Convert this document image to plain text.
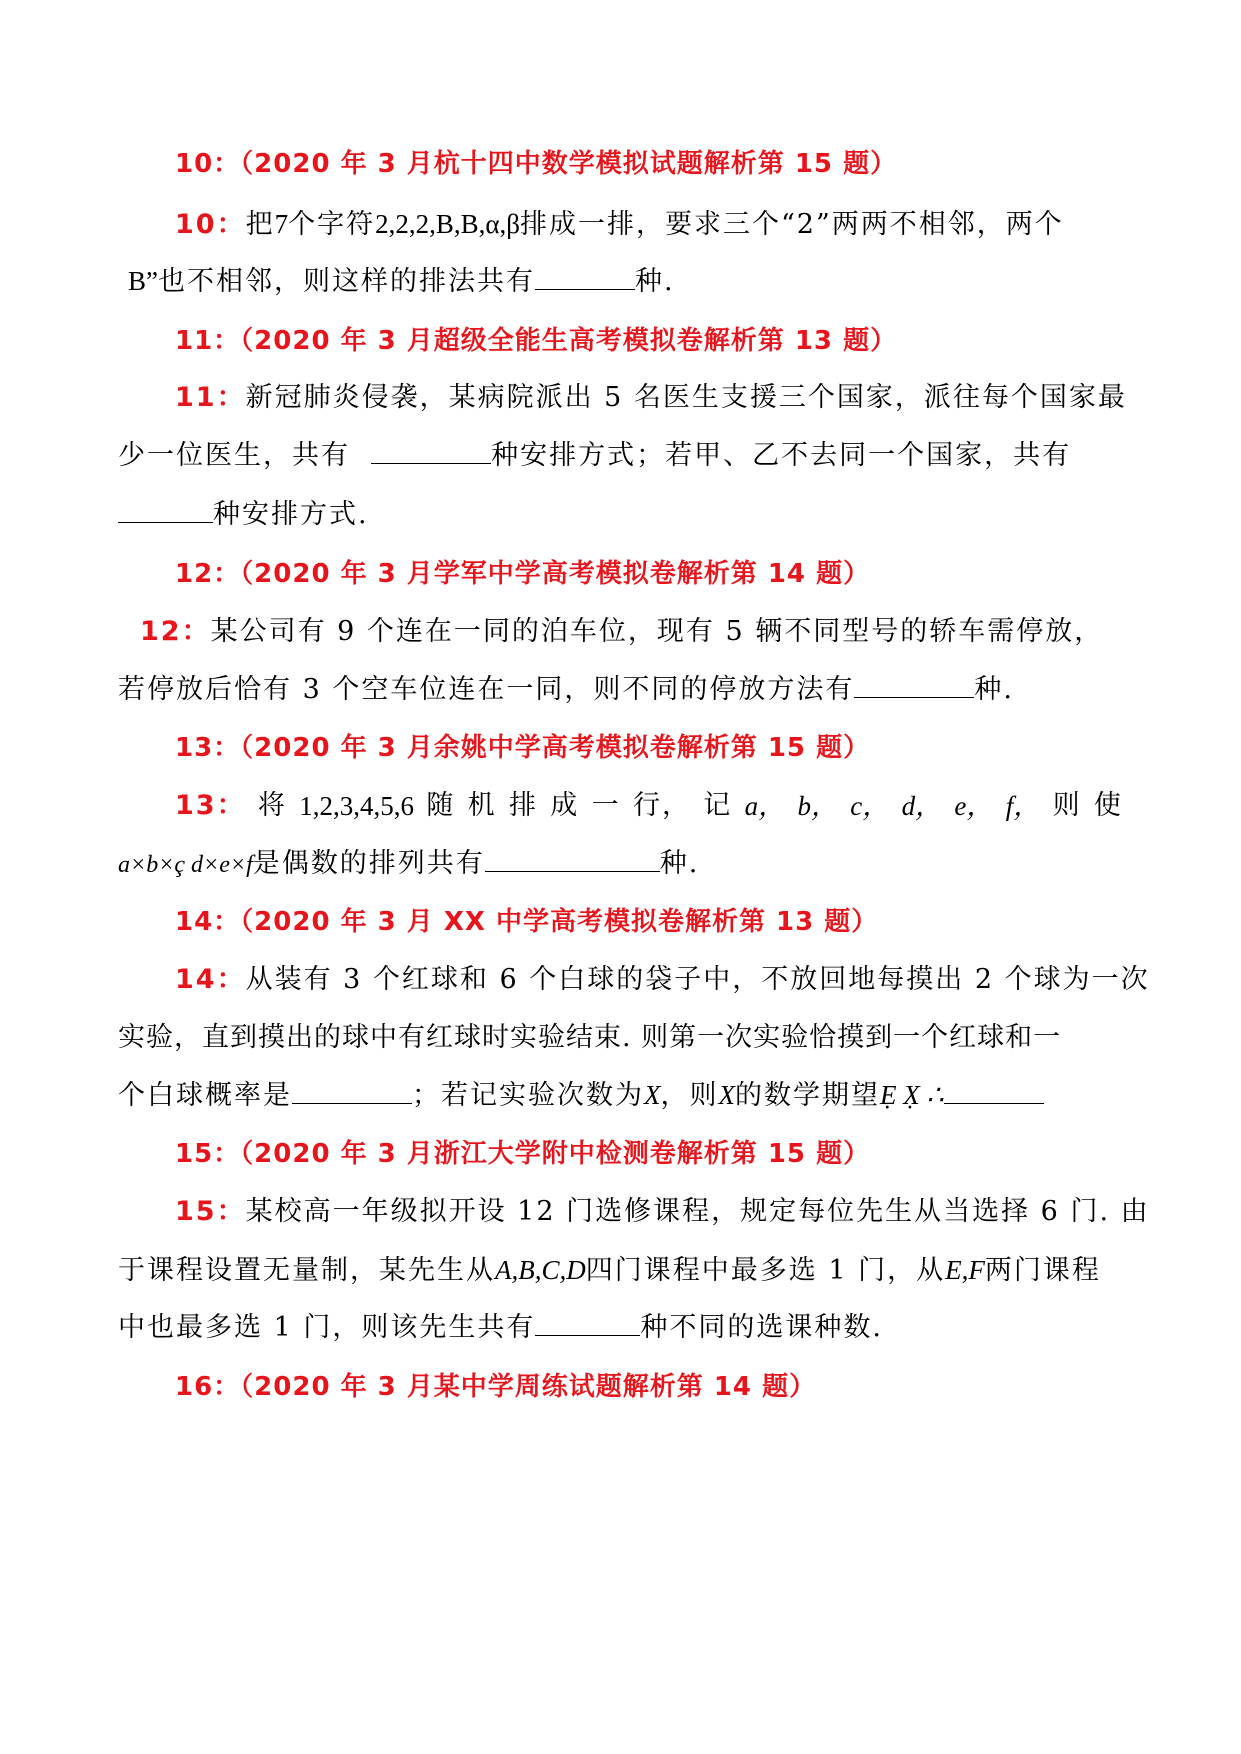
10：（2020 年 3 月杭十四中数学模拟试题解析第 15 题）
10：把7个字符2,2,2,B,B,α,β排成一排，要求三个“2”两两不相邻，两个
B”也不相邻，则这样的排法共有	种.
11：（2020 年 3 月超级全能生高考模拟卷解析第 13 题）
11：新冠肺炎侵袭，某病院派出 5 名医生支援三个国家，派往每个国家最
少一位医生，共有	种安排方式；若甲、乙不去同一个国家，共有
种安排方式.
12：（2020 年 3 月学军中学高考模拟卷解析第 14 题）
12：某公司有 9 个连在一同的泊车位，现有 5 辆不同型号的轿车需停放，
若停放后恰有 3 个空车位连在一同，则不同的停放方法有	种.
13：（2020 年 3 月余姚中学高考模拟卷解析第 15 题）
13： 将 1,2,3,4,5,6 随 机 排 成 一 行， 记 a， b， c， d， e， f， 则 使
a×b×ç d×e×f是偶数的排列共有	种.
14：（2020 年 3 月 XX 中学高考模拟卷解析第 13 题）
14：从装有 3 个红球和 6 个白球的袋子中，不放回地每摸出 2 个球为一次
实验，直到摸出的球中有红球时实验结束. 则第一次实验恰摸到一个红球和一
个白球概率是	；若记实验次数为X，则X的数学期望Ẹ X̣ ∴
15：（2020 年 3 月浙江大学附中检测卷解析第 15 题）
15：某校高一年级拟开设 12 门选修课程，规定每位先生从当选择 6 门. 由
于课程设置无量制，某先生从A,B,C,D四门课程中最多选 1 门，从E,F两门课程
中也最多选 1 门，则该先生共有	种不同的选课种数.
16：（2020 年 3 月某中学周练试题解析第 14 题）
